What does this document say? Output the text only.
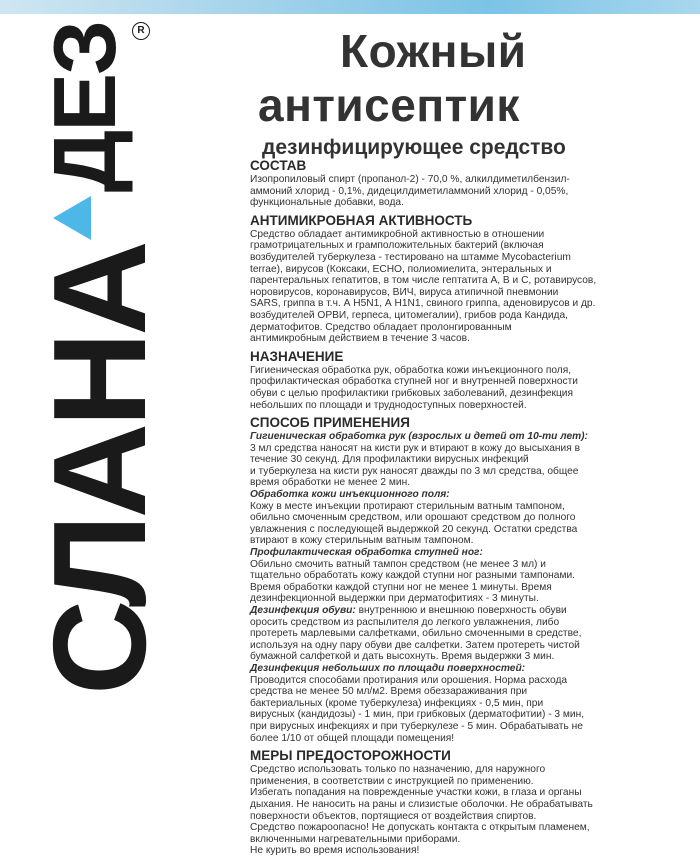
СЛАНА
ДЕЗ R	Кожный
антисептик
дезинфицирующее средство

СОСТАВ

Изопропиловый спирт (пропанол-2) - 70,0 %, алкилдиметилбензил-

аммоний хлорид - 0,1%, дидецилдиметиламмоний хлорид - 0,05%,

функциональные добавки, вода.

АНТИМИКРОБНАЯ АКТИВНОСТЬ

Средство обладает антимикробной активностью в отношении

грамотрицательных и грамположительных бактерий (включая

возбудителей туберкулеза - тестировано на штамме Mycobacterium

terrae), вирусов (Коксаки, ECHO, полиомиелита, энтеральных и

парентеральных гепатитов, в том числе гептатита А, В и С, ротавирусов,

норовирусов, коронавирусов, ВИЧ, вируса атипичной пневмонии

SARS, гриппа в т.ч. А H5N1, А H1N1, свиного гриппа, аденовирусов и др.

возбудителей ОРВИ, герпеса, цитомегалии), грибов рода Кандида,

дерматофитов. Средство обладает пролонгированным

антимикробным действием в течение 3 часов.

НАЗНАЧЕНИЕ

Гигиеническая обработка рук, обработка кожи инъекционного поля,

профилактическая обработка ступней ног и внутренней поверхности

обуви с целью профилактики грибковых заболеваний, дезинфекция

небольших по площади и труднодоступных поверхностей.

СПОСОБ ПРИМЕНЕНИЯ

Гигиеническая обработка рук (взрослых и детей от 10-ти лет):

3 мл средства наносят на кисти рук и втирают в кожу до высыхания в

течение 30 секунд. Для профилактики вирусных инфекций

и туберкулеза на кисти рук наносят дважды по 3 мл средства, общее

время обработки не менее 2 мин.

Обработка кожи инъекционного поля:

Кожу в месте инъекции протирают стерильным ватным тампоном,

обильно смоченным средством, или орошают средством до полного

увлажнения с последующей выдержкой 20 секунд. Остатки средства

втирают в кожу стерильным ватным тампоном.

Профилактическая обработка ступней ног:

Обильно смочить ватный тампон средством (не менее 3 мл) и

тщательно обработать кожу каждой ступни ног разными тампонами.

Время обработки каждой ступни ног не менее 1 минуты. Время

дезинфекционной выдержки при дерматофитиях - 3 минуты.

Дезинфекция обуви: внутреннюю и внешнюю поверхность обуви

оросить средством из распылителя до легкого увлажнения, либо

протереть марлевыми салфетками, обильно смоченными в средстве,

используя на одну пару обуви две салфетки. Затем протереть чистой

бумажной салфеткой и дать высохнуть. Время выдержки 3 мин.

Дезинфекция небольших по площади поверхностей:

Проводится способами протирания или орошения. Норма расхода

средства не менее 50 мл/м2. Время обеззараживания при

бактериальных (кроме туберкулеза) инфекциях - 0,5 мин, при

вирусных (кандидозы) - 1 мин, при грибковых (дерматофитии) - 3 мин,

при вирусных инфекциях и при туберкулезе - 5 мин. Обрабатывать не

более 1/10 от общей площади помещения!

МЕРЫ ПРЕДОСТОРОЖНОСТИ

Средство использовать только по назначению, для наружного

применения, в соответствии с инструкцией по применению.

Избегать попадания на поврежденные участки кожи, в глаза и органы

дыхания. Не наносить на раны и слизистые оболочки. Не обрабатывать

поверхности объектов, портящиеся от воздействия спиртов.

Средство пожароопасно! Не допускать контакта с открытым пламенем,

включенными нагревательными приборами.

Не курить во время использования!
